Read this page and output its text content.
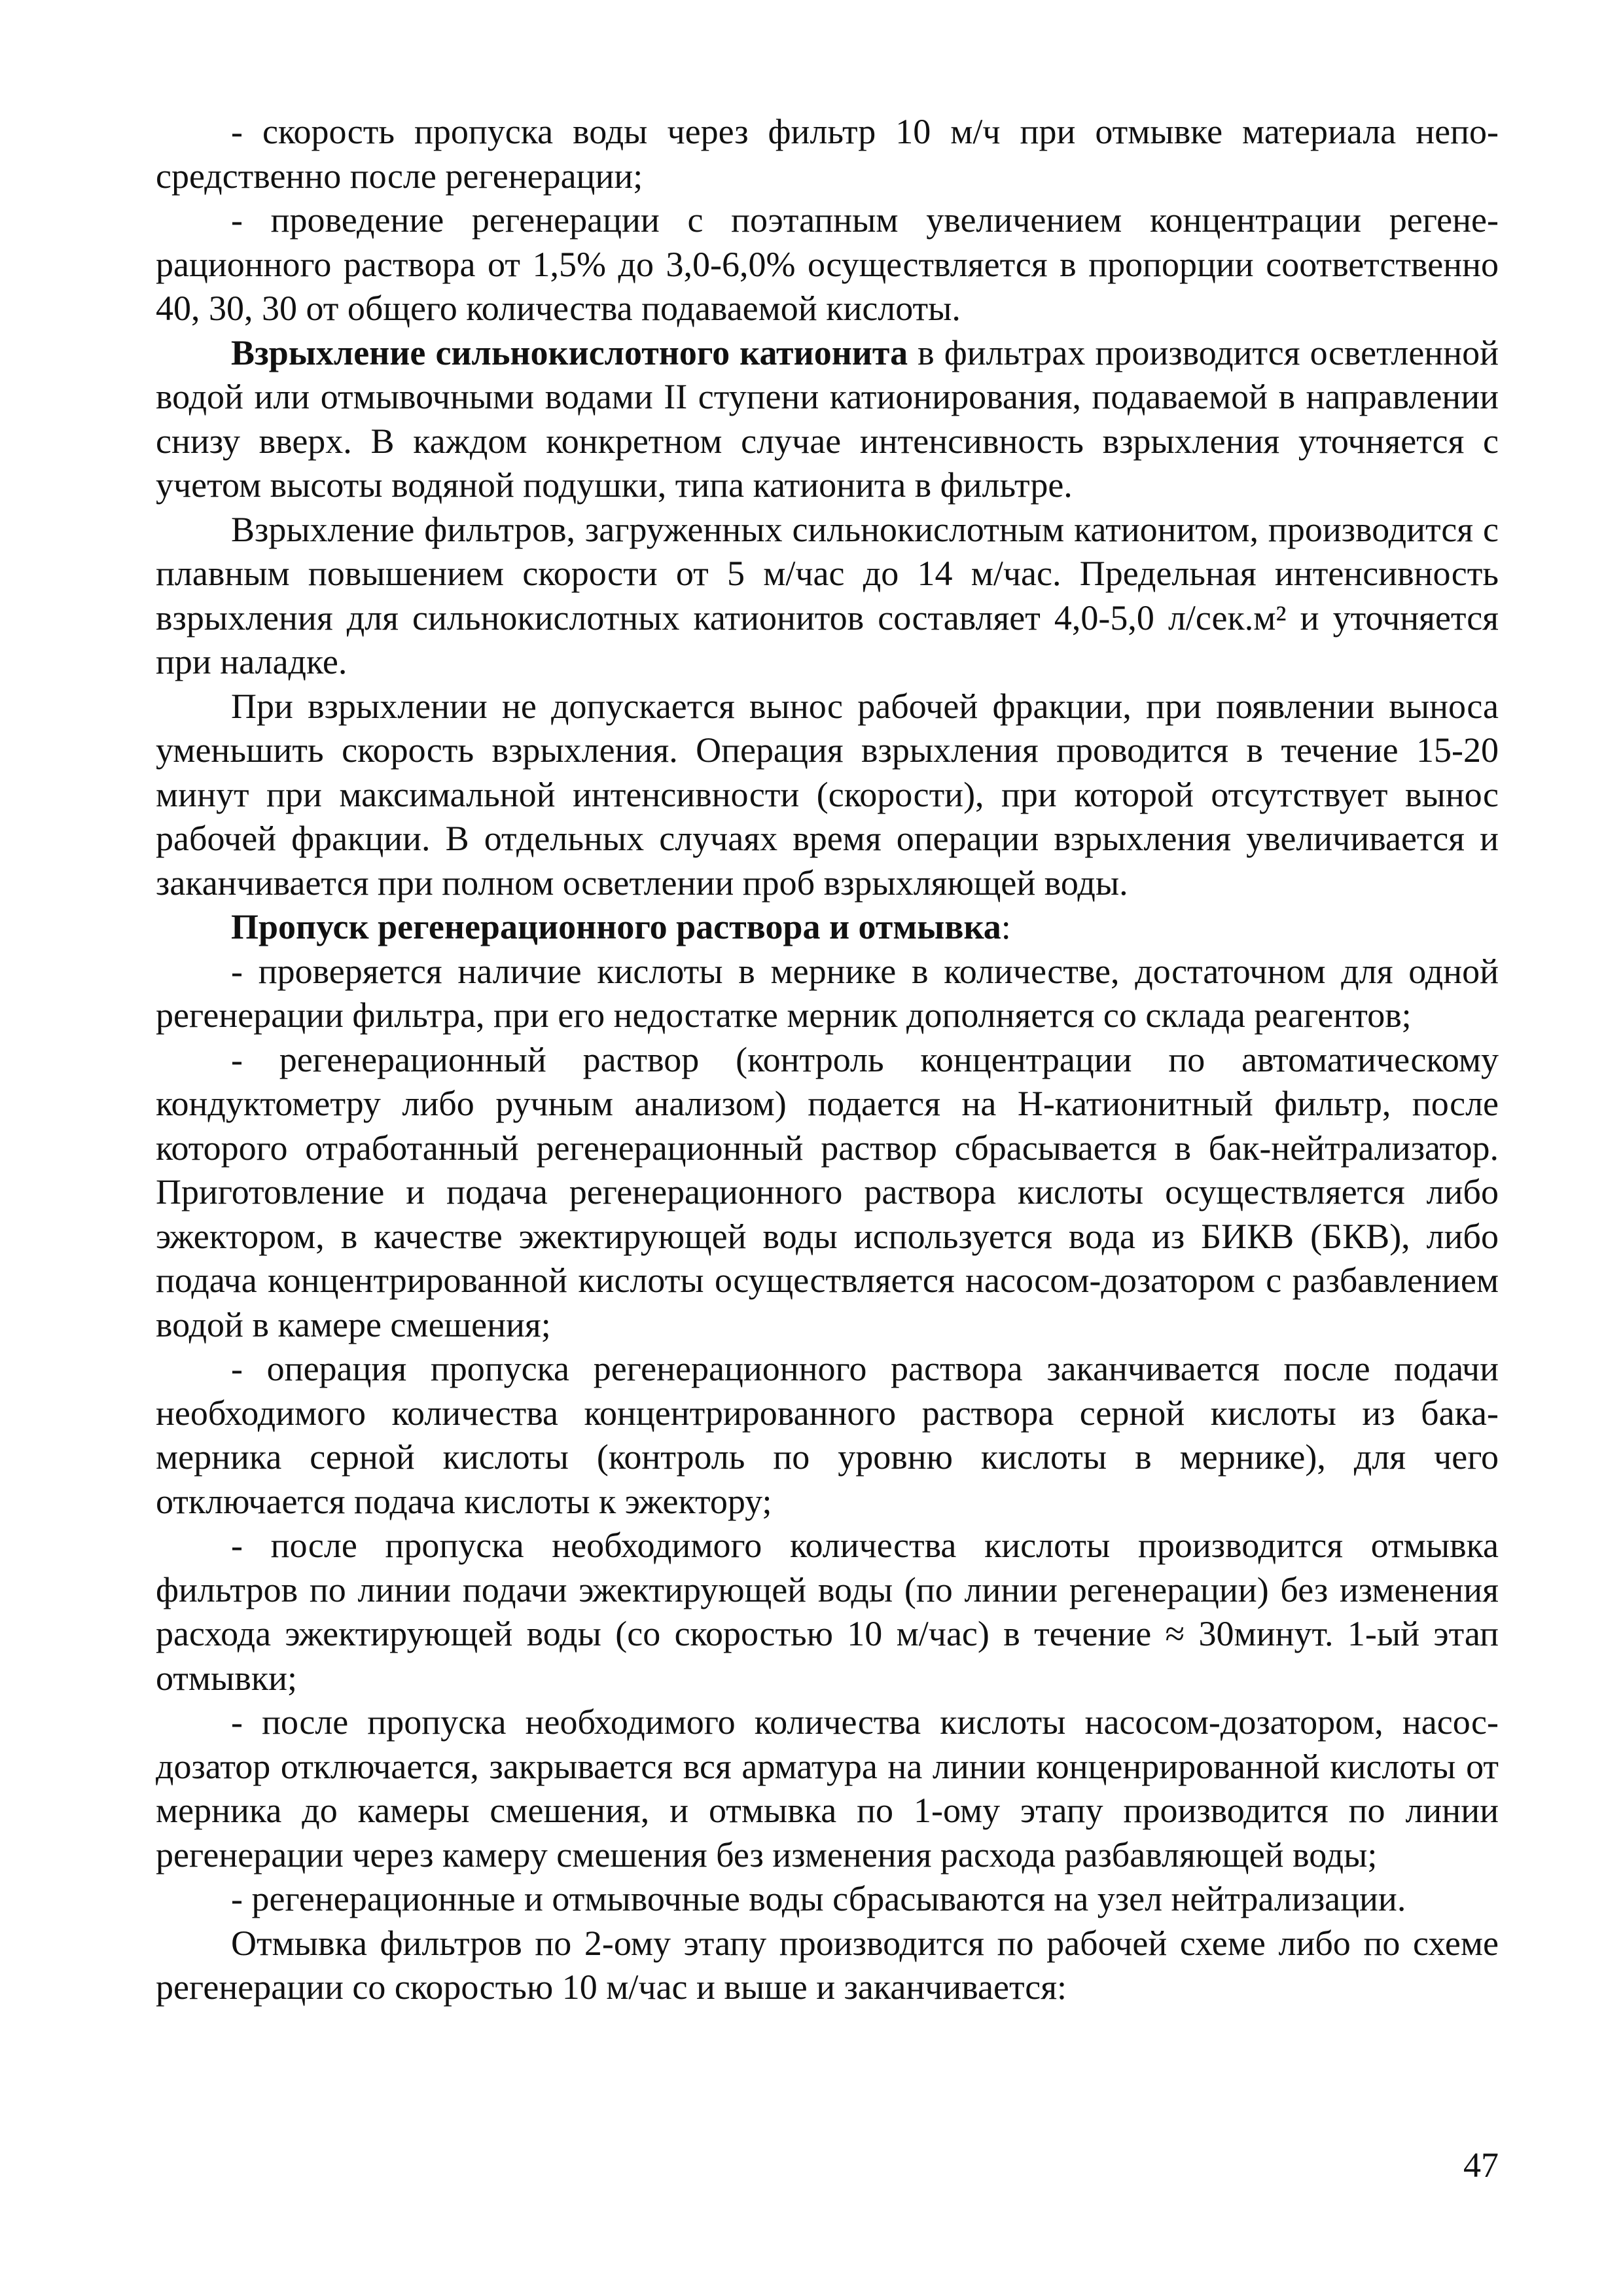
- скорость пропуска воды через фильтр 10 м/ч при отмывке материала непосредственно после регенерации;

- проведение регенерации с поэтапным увеличением концентрации регенерационного раствора от 1,5% до 3,0-6,0% осуществляется в пропорции соответственно 40, 30, 30 от общего количества подаваемой кислоты.

Взрыхление сильнокислотного катионита в фильтрах производится осветленной водой или отмывочными водами II ступени катионирования, подаваемой в направлении снизу вверх. В каждом конкретном случае интенсивность взрыхления уточняется с учетом высоты водяной подушки, типа катионита в фильтре.

Взрыхление фильтров, загруженных сильнокислотным катионитом, производится с плавным повышением скорости от 5 м/час до 14 м/час. Предельная интенсивность взрыхления для сильнокислотных катионитов составляет 4,0-5,0 л/сек.м² и уточняется при наладке.

При взрыхлении не допускается вынос рабочей фракции, при появлении выноса уменьшить скорость взрыхления. Операция взрыхления проводится в течение 15-20 минут при максимальной интенсивности (скорости), при которой отсутствует вынос рабочей фракции. В отдельных случаях время операции взрыхления увеличивается и заканчивается при полном осветлении проб взрыхляющей воды.

Пропуск регенерационного раствора и отмывка:

- проверяется наличие кислоты в мернике в количестве, достаточном для одной регенерации фильтра, при его недостатке мерник дополняется со склада реагентов;

- регенерационный раствор (контроль концентрации по автоматическому кондуктометру либо ручным анализом) подается на Н-катионитный фильтр, после которого отработанный регенерационный раствор сбрасывается в бак-нейтрализатор. Приготовление и подача регенерационного раствора кислоты осуществляется либо эжектором, в качестве эжектирующей воды используется вода из БИКВ (БКВ), либо подача концентрированной кислоты осуществляется насосом-дозатором с разбавлением водой в камере смешения;

- операция пропуска регенерационного раствора заканчивается после подачи необходимого количества концентрированного раствора серной кислоты из бака-мерника серной кислоты (контроль по уровню кислоты в мернике), для чего отключается подача кислоты к эжектору;

- после пропуска необходимого количества кислоты производится отмывка фильтров по линии подачи эжектирующей воды (по линии регенерации) без изменения расхода эжектирующей воды (со скоростью 10 м/час) в течение ≈ 30минут. 1-ый этап отмывки;

- после пропуска необходимого количества кислоты насосом-дозатором, насос-дозатор отключается, закрывается вся арматура на линии конценрированной кислоты от мерника до камеры смешения, и отмывка по 1-ому этапу производится по линии регенерации через камеру смешения без изменения расхода разбавляющей воды;

- регенерационные и отмывочные воды сбрасываются на узел нейтрализации.

Отмывка фильтров по 2-ому этапу производится по рабочей схеме либо по схеме регенерации со скоростью 10 м/час и выше и заканчивается:

47
